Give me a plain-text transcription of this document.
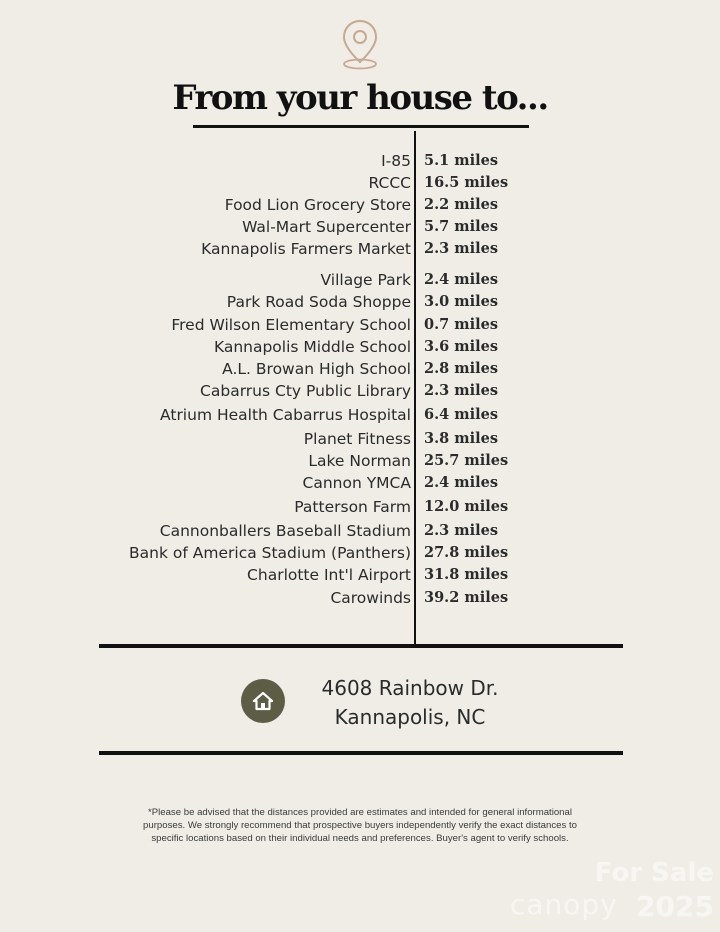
From your house to...
I-85 5.1 miles
RCCC 16.5 miles
Food Lion Grocery Store 2.2 miles
Wal-Mart Supercenter 5.7 miles
Kannapolis Farmers Market 2.3 miles
Village Park 2.4 miles
Park Road Soda Shoppe 3.0 miles
Fred Wilson Elementary School 0.7 miles
Kannapolis Middle School 3.6 miles
A.L. Browan High School 2.8 miles
Cabarrus Cty Public Library 2.3 miles
Atrium Health Cabarrus Hospital 6.4 miles
Planet Fitness 3.8 miles
Lake Norman 25.7 miles
Cannon YMCA 2.4 miles
Patterson Farm 12.0 miles
Cannonballers Baseball Stadium 2.3 miles
Bank of America Stadium (Panthers) 27.8 miles
Charlotte Int'l Airport 31.8 miles
Carowinds 39.2 miles
4608 Rainbow Dr.
Kannapolis, NC
*Please be advised that the distances provided are estimates and intended for general informational purposes. We strongly recommend that prospective buyers independently verify the exact distances to specific locations based on their individual needs and preferences. Buyer's agent to verify schools.
For Sale
canopy 2025
